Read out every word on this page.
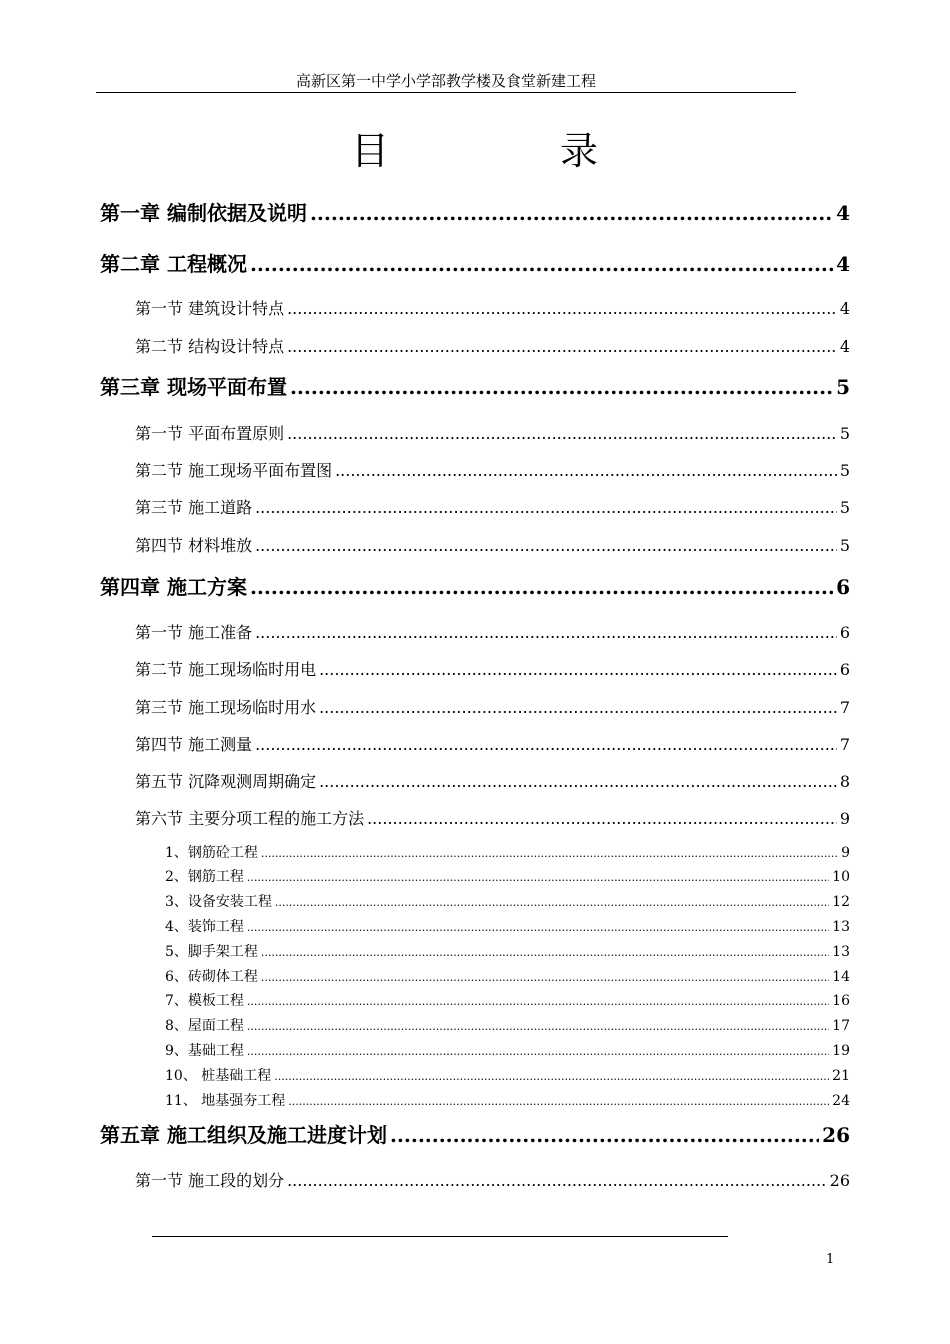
高新区第一中学小学部教学楼及食堂新建工程
目	录
第一章 编制依据及说明 .....	4
第二章 工程概况 .....	4
第一节 建筑设计特点 .....	4
第二节 结构设计特点 .....	4
第三章 现场平面布置 .....	5
第一节 平面布置原则 .....	5
第二节 施工现场平面布置图 .....	5
第三节 施工道路 .....	5
第四节 材料堆放 .....	5
第四章 施工方案 .....	6
第一节 施工准备 .....	6
第二节 施工现场临时用电 .....	6
第三节 施工现场临时用水 .....	7
第四节 施工测量 .....	7
第五节 沉降观测周期确定 .....	8
第六节 主要分项工程的施工方法 .....	9
1、钢筋砼工程 .....	9
2、钢筋工程 .....	10
3、设备安装工程 .....	12
4、装饰工程 .....	13
5、脚手架工程 .....	13
6、砖砌体工程 .....	14
7、模板工程 .....	16
8、屋面工程 .....	17
9、基础工程 .....	19
10、 桩基础工程 .....	21
11、 地基强夯工程 .....	24
第五章 施工组织及施工进度计划 .....	26
第一节 施工段的划分 .....	26
1
